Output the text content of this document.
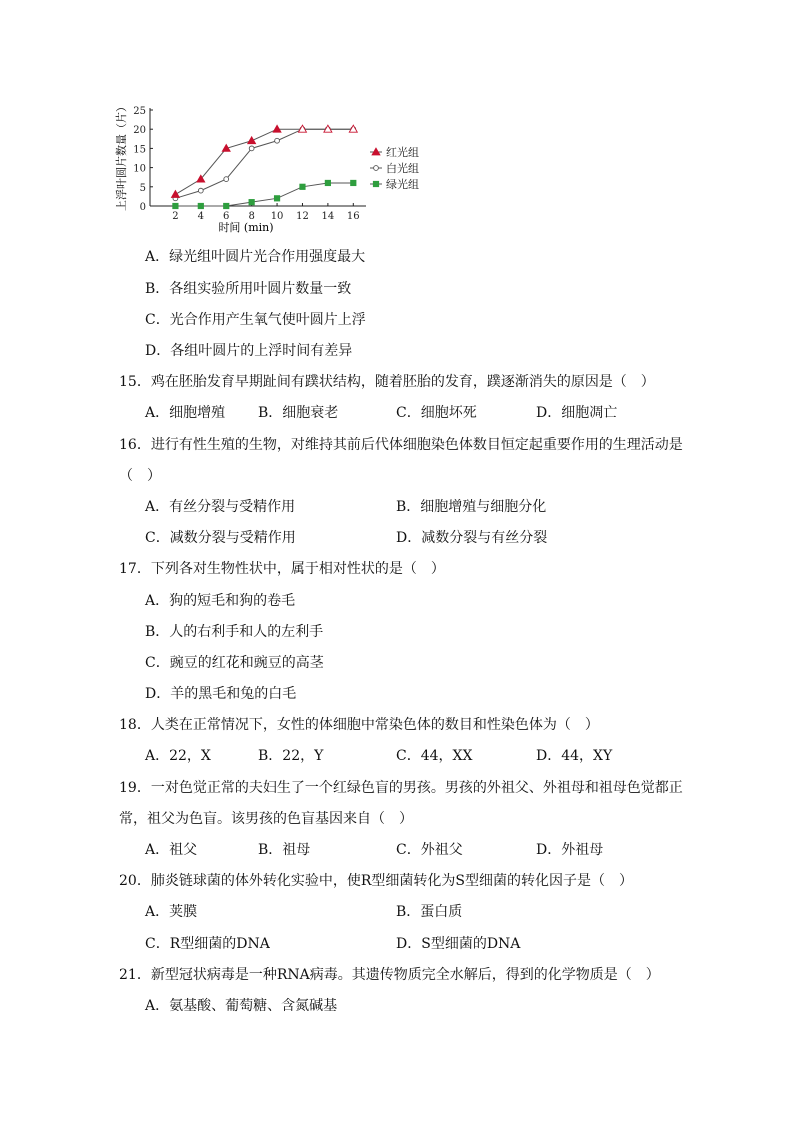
0
5
10
15
20
25
2 4 6 8 10 12 14 16
红光组
白光组
绿光组
时间 (min)
上浮叶圆片数量（片）
A．绿光组叶圆片光合作用强度最大
B．各组实验所用叶圆片数量一致
C．光合作用产生氧气使叶圆片上浮
D．各组叶圆片的上浮时间有差异
15．鸡在胚胎发育早期趾间有蹼状结构，随着胚胎的发育，蹼逐渐消失的原因是（　）
A．细胞增殖 B．细胞衰老	C．细胞坏死	D．细胞凋亡
16．进行有性生殖的生物，对维持其前后代体细胞染色体数目恒定起重要作用的生理活动是
（　）
A．有丝分裂与受精作用	B．细胞增殖与细胞分化
C．减数分裂与受精作用	D．减数分裂与有丝分裂
17．下列各对生物性状中，属于相对性状的是（　）
A．狗的短毛和狗的卷毛
B．人的右利手和人的左利手
C．豌豆的红花和豌豆的高茎
D．羊的黑毛和兔的白毛
18．人类在正常情况下，女性的体细胞中常染色体的数目和性染色体为（　）
A．22，X	B．22，Y	C．44，XX	D．44，XY
19．一对色觉正常的夫妇生了一个红绿色盲的男孩。男孩的外祖父、外祖母和祖母色觉都正
常，祖父为色盲。该男孩的色盲基因来自（　）
A．祖父	B．祖母	C．外祖父	D．外祖母
20．肺炎链球菌的体外转化实验中，使R型细菌转化为S型细菌的转化因子是（　）
A．荚膜	B．蛋白质
C．R型细菌的DNA	D．S型细菌的DNA
21．新型冠状病毒是一种RNA病毒。其遗传物质完全水解后，得到的化学物质是（　）
A．氨基酸、葡萄糖、含氮碱基
